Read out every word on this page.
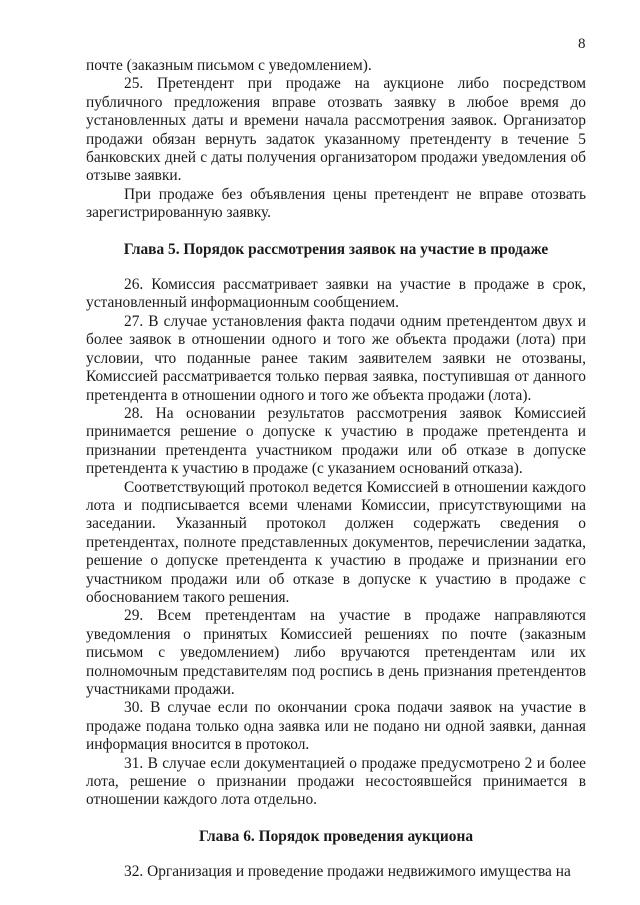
8

почте (заказным письмом с уведомлением).

25. Претендент при продаже на аукционе либо посредством публичного предложения вправе отозвать заявку в любое время до установленных даты и времени начала рассмотрения заявок. Организатор продажи обязан вернуть задаток указанному претенденту в течение 5 банковских дней с даты получения организатором продажи уведомления об отзыве заявки.

При продаже без объявления цены претендент не вправе отозвать зарегистрированную заявку.

Глава 5. Порядок рассмотрения заявок на участие в продаже

26. Комиссия рассматривает заявки на участие в продаже в срок, установленный информационным сообщением.

27. В случае установления факта подачи одним претендентом двух и более заявок в отношении одного и того же объекта продажи (лота) при условии, что поданные ранее таким заявителем заявки не отозваны, Комиссией рассматривается только первая заявка, поступившая от данного претендента в отношении одного и того же объекта продажи (лота).

28. На основании результатов рассмотрения заявок Комиссией принимается решение о допуске к участию в продаже претендента и признании претендента участником продажи или об отказе в допуске претендента к участию в продаже (с указанием оснований отказа).

Соответствующий протокол ведется Комиссией в отношении каждого лота и подписывается всеми членами Комиссии, присутствующими на заседании. Указанный протокол должен содержать сведения о претендентах, полноте представленных документов, перечислении задатка, решение о допуске претендента к участию в продаже и признании его участником продажи или об отказе в допуске к участию в продаже с обоснованием такого решения.

29. Всем претендентам на участие в продаже направляются уведомления о принятых Комиссией решениях по почте (заказным письмом с уведомлением) либо вручаются претендентам или их полномочным представителям под роспись в день признания претендентов участниками продажи.

30. В случае если по окончании срока подачи заявок на участие в продаже подана только одна заявка или не подано ни одной заявки, данная информация вносится в протокол.

31. В случае если документацией о продаже предусмотрено 2 и более лота, решение о признании продажи несостоявшейся принимается в отношении каждого лота отдельно.

Глава 6. Порядок проведения аукциона

32. Организация и проведение продажи недвижимого имущества на
